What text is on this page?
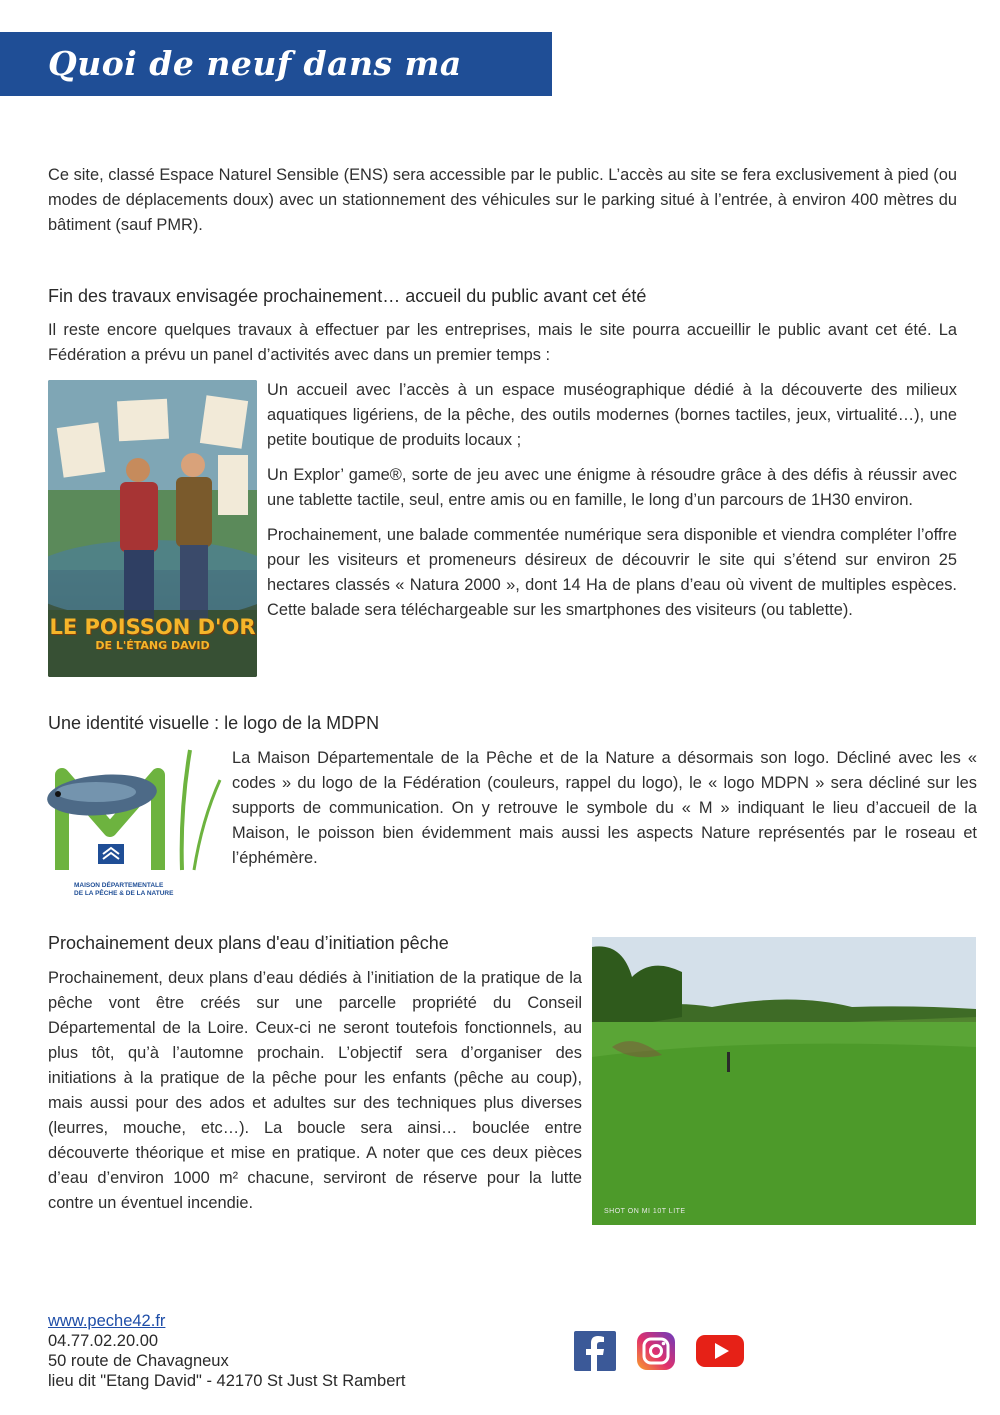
Quoi de neuf dans ma fédé ?

Ce site, classé Espace Naturel Sensible (ENS) sera accessible par le public. L’accès au site se fera exclusivement à pied (ou modes de déplacements doux) avec un stationnement des véhicules sur le parking situé à l’entrée, à environ 400 mètres du bâtiment (sauf PMR).

Fin des travaux envisagée prochainement… accueil du public avant cet été

Il reste encore quelques travaux à effectuer par les entreprises, mais le site pourra accueillir le public avant cet été. La Fédération a prévu un panel d’activités avec dans un premier temps :

LE POISSON D'OR
DE L'ÉTANG DAVID

Un accueil avec l’accès à un espace muséographique dédié à la découverte des milieux aquatiques ligériens, de la pêche, des outils modernes (bornes tactiles, jeux, virtualité…), une petite boutique de produits locaux ;

Un Explor’ game®, sorte de jeu avec une énigme à résoudre grâce à des défis à réussir avec une tablette tactile, seul, entre amis ou en famille, le long d’un parcours de 1H30 environ.

Prochainement, une balade commentée numérique sera disponible et viendra compléter l’offre pour les visiteurs et promeneurs désireux de découvrir le site qui s’étend sur environ 25 hectares classés « Natura 2000 », dont 14 Ha de plans d’eau où vivent de multiples espèces. Cette balade sera téléchargeable sur les smartphones des visiteurs (ou tablette).

Une identité visuelle : le logo de la MDPN
MAISON DÉPARTEMENTALE
DE LA PÊCHE & DE LA NATURE

La Maison Départementale de la Pêche et de la Nature a désormais son logo. Décliné avec les « codes » du logo de la Fédération (couleurs, rappel du logo), le « logo MDPN » sera décliné sur les supports de communication. On y retrouve le symbole du « M » indiquant le lieu d’accueil de la Maison, le poisson bien évidemment mais aussi les aspects Nature représentés par le roseau et l’éphémère.

Prochainement deux plans d'eau d’initiation pêche

Prochainement, deux plans d’eau dédiés à l’initiation de la pratique de la pêche vont être créés sur une parcelle propriété du Conseil Départemental de la Loire. Ceux-ci ne seront toutefois fonctionnels, au plus tôt, qu’à l’automne prochain. L’objectif sera d’organiser des initiations à la pratique de la pêche pour les enfants (pêche au coup), mais aussi pour des ados et adultes sur des techniques plus diverses (leurres, mouche, etc…). La boucle sera ainsi… bouclée entre découverte théorique et mise en pratique. A noter que ces deux pièces d’eau d’environ 1000 m² chacune, serviront de réserve pour la lutte contre un éventuel incendie.	SHOT ON MI 10T LITE
www.peche42.fr
04.77.02.20.00
50 route de Chavagneux
lieu dit "Etang David" - 42170 St Just St Rambert
